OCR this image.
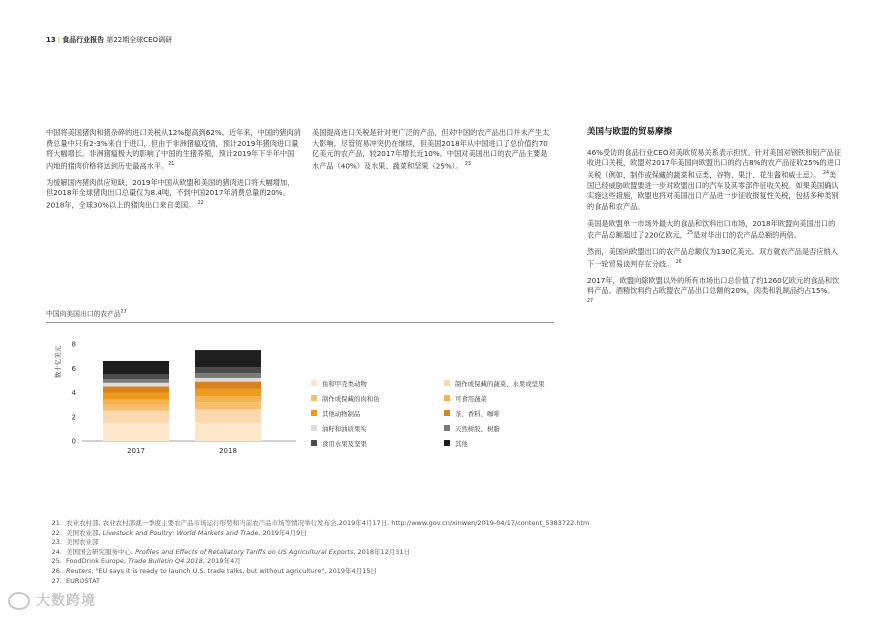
13 | 食品行业报告 第22期全球CEO调研

中国将美国猪肉和猪杂碎的进口关税从12%提高到62%。近年来，中国的猪肉消费总量中只有2-3%来自于进口，但由于非洲猪瘟疫情，预计2019年猪肉进口量将大幅增长。非洲猪瘟极大的影响了中国的生猪养殖，预计2019年下半年中国内地的猪肉价格将达到历史最高水平。$^{21}$

为缓解国内猪肉供应短缺，2019年中国从欧盟和美国的猪肉进口将大幅增加，但2018年全球猪肉出口总量仅为8.4吨，不到中国2017年消费总量的20%。2018年，全球30%以上的猪肉出口来自美国。 $^{22}$

美国提高进口关税是针对更广泛的产品，但对中国的农产品出口并未产生太大影响。尽管贸易冲突仍在继续，但美国2018年从中国进口了总价值约70亿美元的农产品，较2017年增长近10%。中国对美国出口的农产品主要是水产品（40%）及水果、蔬菜和坚果（25%）。 $^{23}$

美国与欧盟的贸易摩擦

46%受访的食品行业CEO对美欧贸易关系表示担忧。针对美国对钢铁和铝产品征收进口关税，欧盟对2017年美国向欧盟出口的约占8%的农产品征收25%的进口关税（例如，制作或保藏的蔬菜和豆类，谷物、果汁、花生酱和威士忌）。 $^{24}$美国已经威胁欧盟要进一步对欧盟出口的汽车及其零部件征收关税。如果美国确认实施这些措施，欧盟也将对美国出口产品进一步征收报复性关税，包括多种类别的食品和农产品。

美国是欧盟单一市场外最大的食品和饮料出口市场，2018年欧盟向美国出口的农产品总额超过了220亿欧元，$^{25}$是对华出口的农产品总额的两倍。

然而，美国向欧盟出口的农产品总额仅为130亿美元。双方就农产品是否应纳入下一轮贸易谈判存在分歧。 $^{26}$

2017年，欧盟向除欧盟以外的所有市场出口总价值了约1260亿欧元的食品和饮料产品。酒精饮料约占欧盟农产品出口总额的20%，肉类和乳制品约占15%。 $^{27}$

中国向美国出口的农产品$^{23}$
0
2
4
6
8
数十亿美元
2017	2018
鱼和甲壳类动物	制作或保藏的蔬菜、水果或坚果
制作或保藏的肉和鱼	可食用蔬菜
其他动物制品	茶、香料、咖啡
油籽和油质果实	天然树胶、树脂
食用水果及坚果	其他
21. 农业农村部, 农业农村部就一季度主要农产品市场运行形势和当前农产品市场等情况举行发布会,2019年4月17日, http://www.gov.cn/xinwen/2019-04/17/content_5383722.htm
22. 美国农业部, Livestock and Poultry: World Markets and Trade, 2019年4月9日
23. 美国农业部
24. 美国国会研究服务中心, Profiles and Effects of Retaliatory Tariffs on US Agricultural Exports, 2018年12月31日
25. FoodDrink Europe, Trade Bulletin Q4 2018, 2019年4月
26. Reuters, "EU says it is ready to launch U.S. trade talks, but without agriculture", 2019年4月15日
27. EUROSTAT
大数跨境
